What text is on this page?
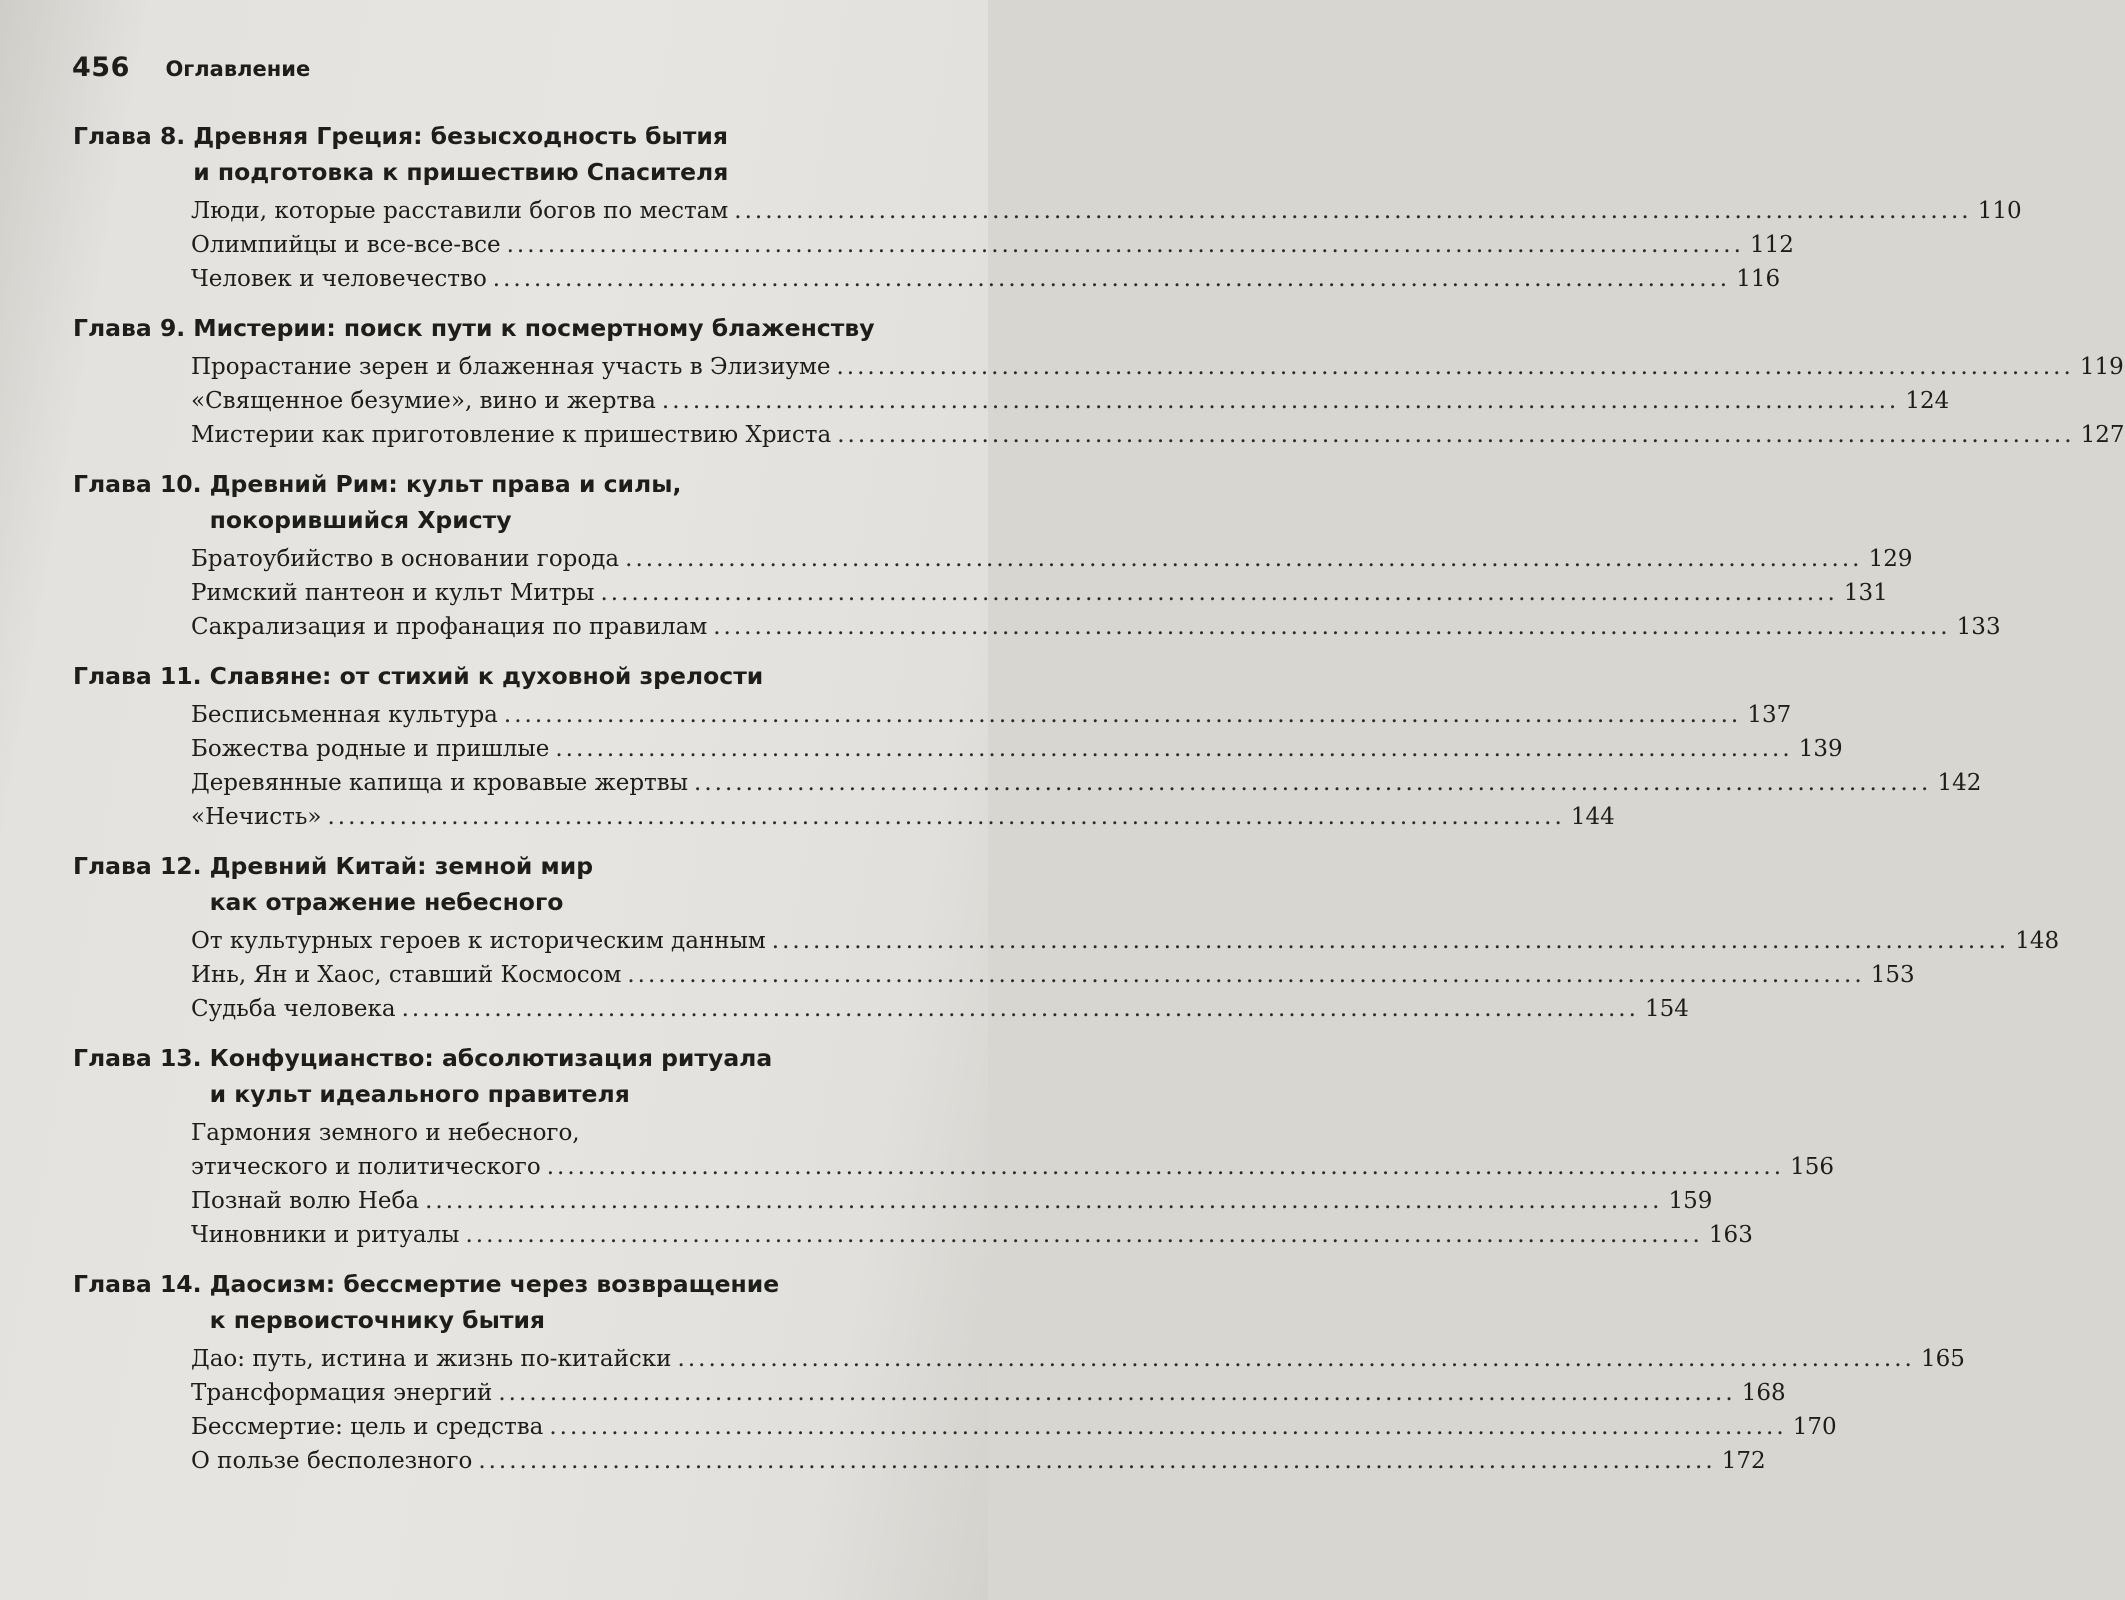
456 Оглавление
Глава 8. Древняя Греция: безысходность бытия
и подготовка к пришествию Спасителя
Люди, которые расставили богов по местам ........................................................................................................................ 110
Олимпийцы и все-все-все ........................................................................................................................ 112
Человек и человечество ........................................................................................................................ 116
Глава 9. Мистерии: поиск пути к посмертному блаженству
Прорастание зерен и блаженная участь в Элизиуме ........................................................................................................................ 119
«Священное безумие», вино и жертва ........................................................................................................................ 124
Мистерии как приготовление к пришествию Христа ........................................................................................................................ 127
Глава 10. Древний Рим: культ права и силы,
покорившийся Христу
Братоубийство в основании города ........................................................................................................................ 129
Римский пантеон и культ Митры ........................................................................................................................ 131
Сакрализация и профанация по правилам ........................................................................................................................ 133
Глава 11. Славяне: от стихий к духовной зрелости
Бесписьменная культура ........................................................................................................................ 137
Божества родные и пришлые ........................................................................................................................ 139
Деревянные капища и кровавые жертвы ........................................................................................................................ 142
«Нечисть» ........................................................................................................................ 144
Глава 12. Древний Китай: земной мир
как отражение небесного
От культурных героев к историческим данным ........................................................................................................................ 148
Инь, Ян и Хаос, ставший Космосом ........................................................................................................................ 153
Судьба человека ........................................................................................................................ 154
Глава 13. Конфуцианство: абсолютизация ритуала
и культ идеального правителя
Гармония земного и небесного,
этического и политического ........................................................................................................................ 156
Познай волю Неба ........................................................................................................................ 159
Чиновники и ритуалы ........................................................................................................................ 163
Глава 14. Даосизм: бессмертие через возвращение
к первоисточнику бытия
Дао: путь, истина и жизнь по-китайски ........................................................................................................................ 165
Трансформация энергий ........................................................................................................................ 168
Бессмертие: цель и средства ........................................................................................................................ 170
О пользе бесполезного ........................................................................................................................ 172
